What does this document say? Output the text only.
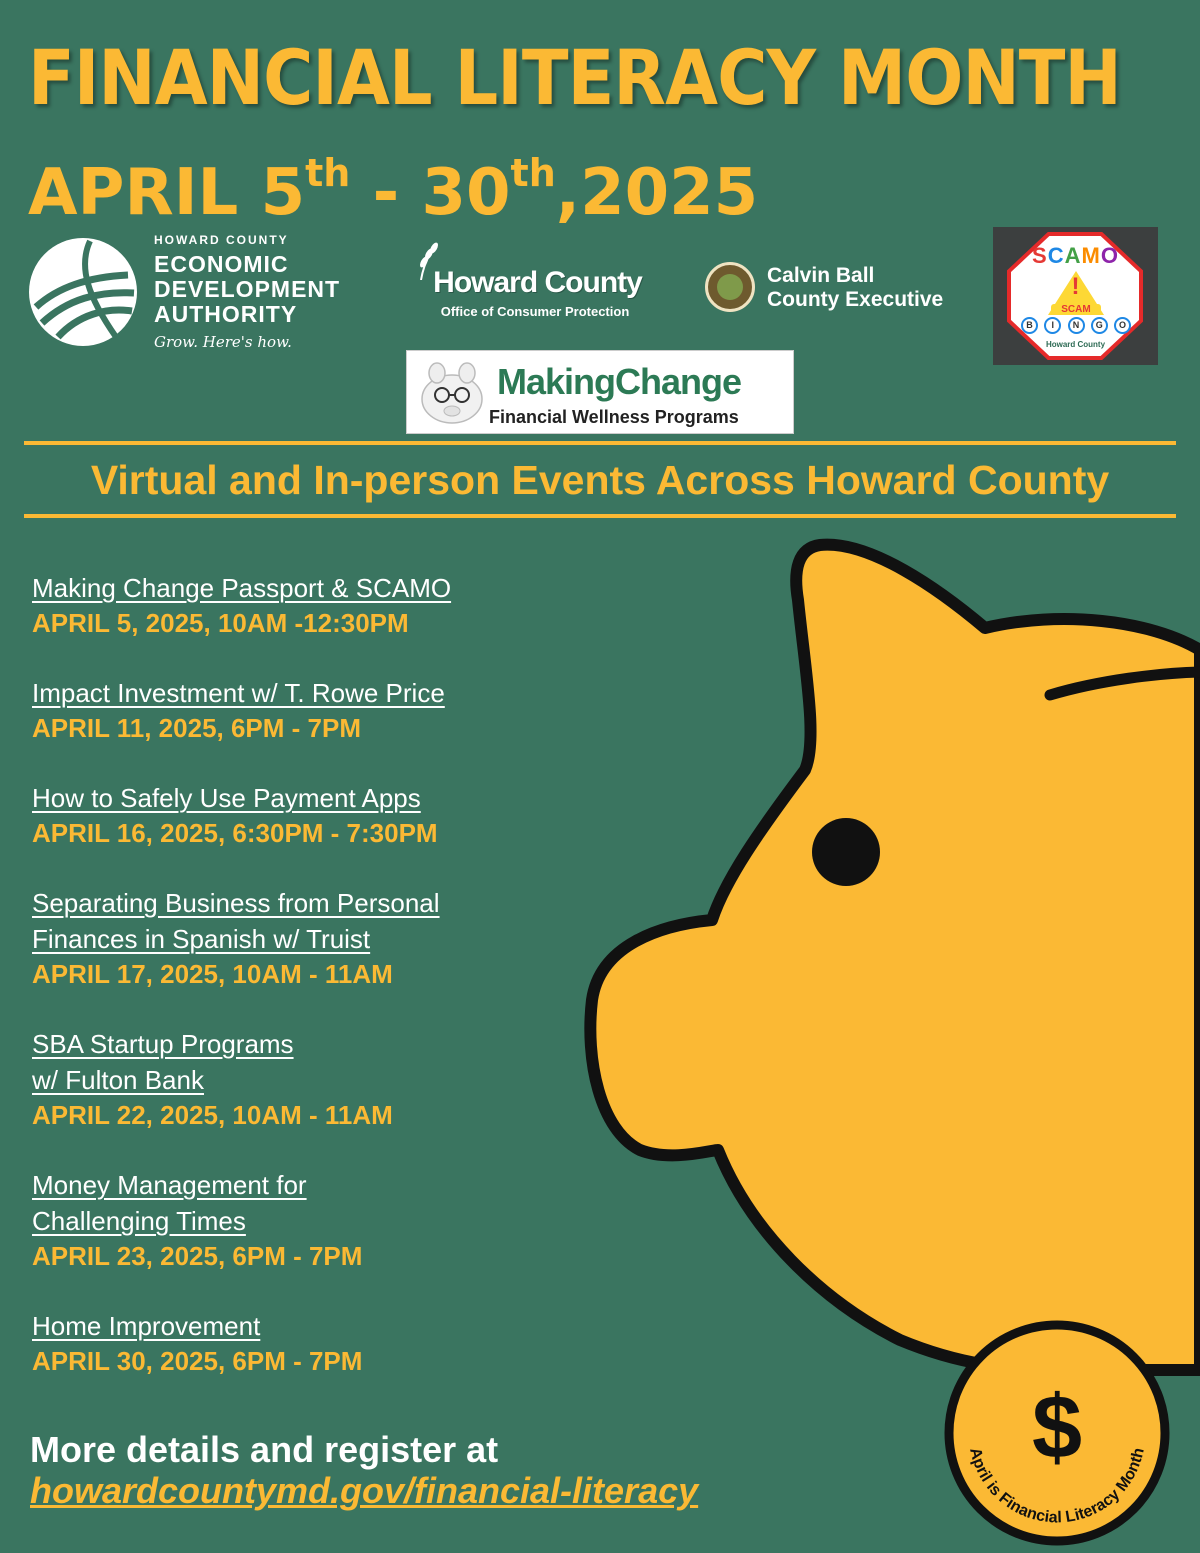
April is Financial Literacy Month
$
FINANCIAL LITERACY MONTH
APRIL 5th - 30th,2025
HOWARD COUNTY
ECONOMIC
DEVELOPMENT
AUTHORITY
Grow. Here's how.
Howard County
Office of Consumer Protection
Calvin Ball
County Executive
SCAMO
!
SCAM
B	I	N	G	O
Howard County
MakingChange
Financial Wellness Programs
Virtual and In-person Events Across Howard County
Making Change Passport & SCAMO
APRIL 5, 2025, 10AM -12:30PM
Impact Investment w/ T. Rowe Price
APRIL 11, 2025, 6PM - 7PM
How to Safely Use Payment Apps
APRIL 16, 2025, 6:30PM - 7:30PM
Separating Business from Personal
Finances in Spanish w/ Truist
APRIL 17, 2025, 10AM - 11AM
SBA Startup Programs
w/ Fulton Bank
APRIL 22, 2025, 10AM - 11AM
Money Management for
Challenging Times
APRIL 23, 2025, 6PM - 7PM
Home Improvement
APRIL 30, 2025, 6PM - 7PM
More details and register at
howardcountymd.gov/financial-literacy
